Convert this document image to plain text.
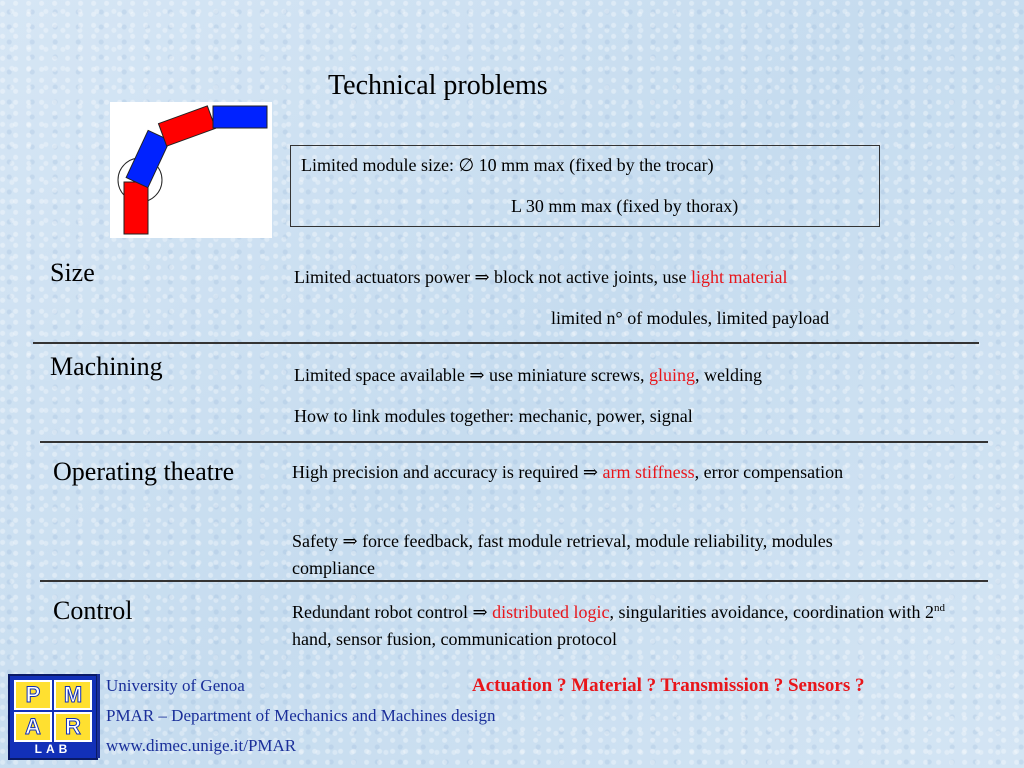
Technical problems
Limited module size: ∅ 10 mm max (fixed by the trocar)
L 30 mm max (fixed by thorax)
Size	Limited actuators power ⇒ block not active joints, use light material
limited n° of modules, limited payload
Machining	Limited space available ⇒ use miniature screws, gluing, welding
How to link modules together: mechanic, power, signal
Operating theatre	High precision and accuracy is required ⇒ arm stiffness, error compensation
Safety ⇒ force feedback, fast module retrieval, module reliability, modules compliance
Control	Redundant robot control ⇒ distributed logic, singularities avoidance, coordination with 2nd hand, sensor fusion, communication protocol
P	M
A	R
LAB
University of Genoa
PMAR – Department of Mechanics and Machines design
www.dimec.unige.it/PMAR
Actuation ? Material ? Transmission ? Sensors ?
